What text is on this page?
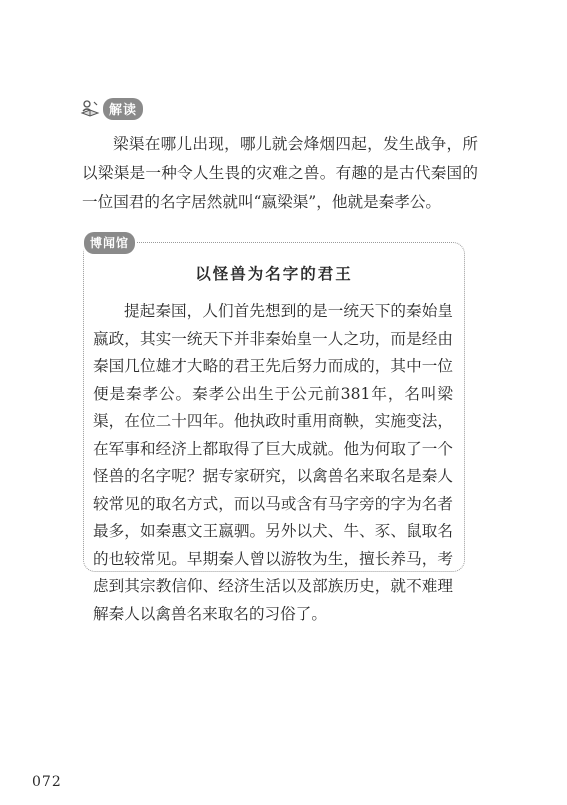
解读

梁渠在哪儿出现，哪儿就会烽烟四起，发生战争，所以梁渠是一种令人生畏的灾难之兽。有趣的是古代秦国的一位国君的名字居然就叫“嬴梁渠”，他就是秦孝公。

博闻馆
以怪兽为名字的君王

提起秦国，人们首先想到的是一统天下的秦始皇嬴政，其实一统天下并非秦始皇一人之功，而是经由秦国几位雄才大略的君王先后努力而成的，其中一位便是秦孝公。秦孝公出生于公元前381年，名叫梁渠，在位二十四年。他执政时重用商鞅，实施变法，在军事和经济上都取得了巨大成就。他为何取了一个怪兽的名字呢？据专家研究，以禽兽名来取名是秦人较常见的取名方式，而以马或含有马字旁的字为名者最多，如秦惠文王嬴驷。另外以犬、牛、豕、鼠取名的也较常见。早期秦人曾以游牧为生，擅长养马，考虑到其宗教信仰、经济生活以及部族历史，就不难理解秦人以禽兽名来取名的习俗了。

072
